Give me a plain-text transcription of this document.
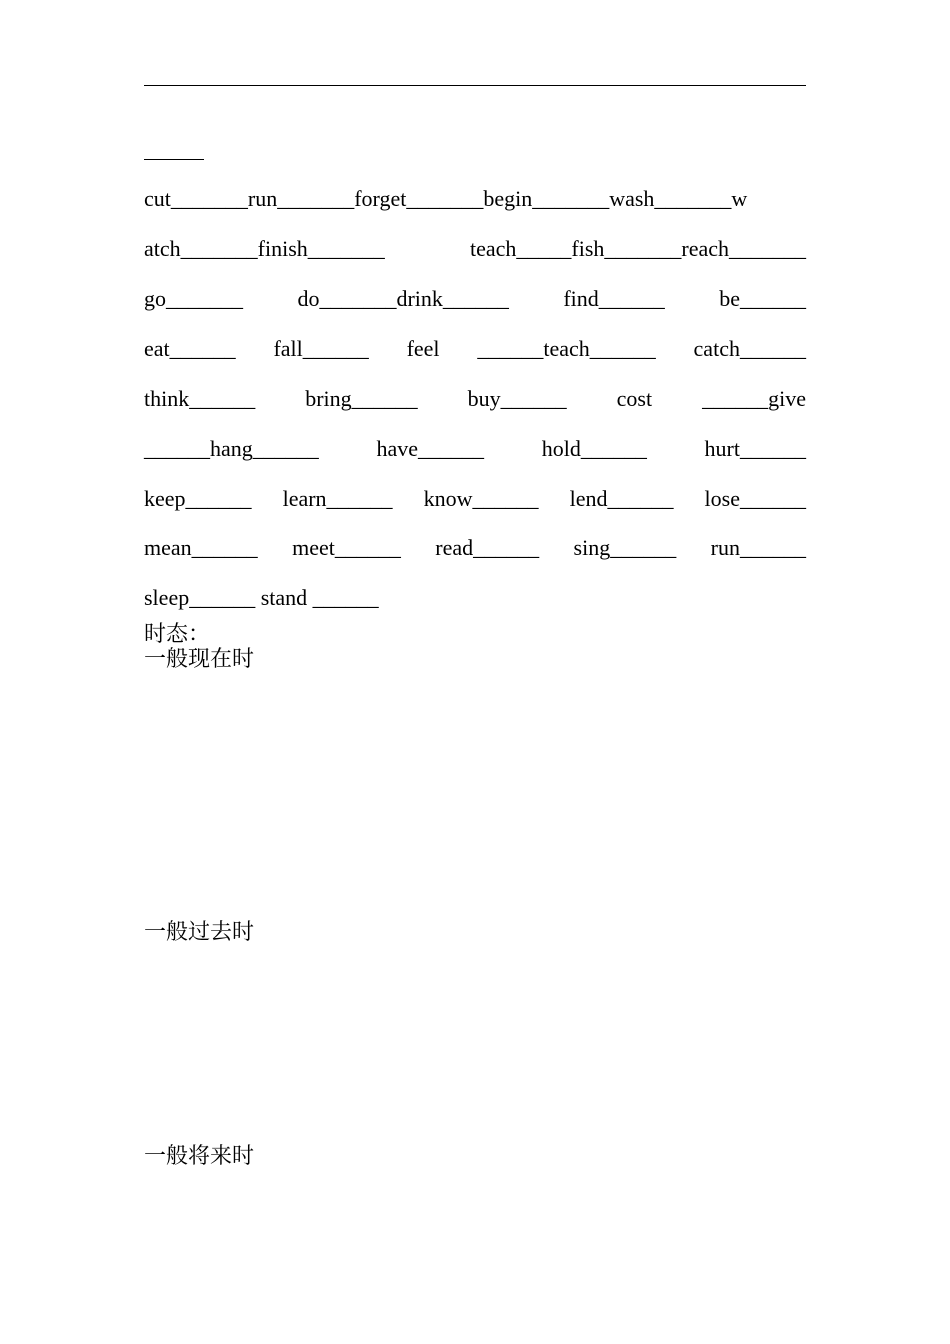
cut_______run_______forget_______begin_______wash_______w
atch_______finish_______	teach_____fish_______reach_______
go_______ do_______drink______ find______ be______
eat______ fall______ feel ______teach______ catch______
think______ bring______ buy______ cost ______give
______hang______	have______	hold______	hurt______
keep______ learn______ know______ lend______ lose______
mean______ meet______ read______ sing______ run______
sleep______ stand ______
时态：
一般现在时
一般过去时
一般将来时
